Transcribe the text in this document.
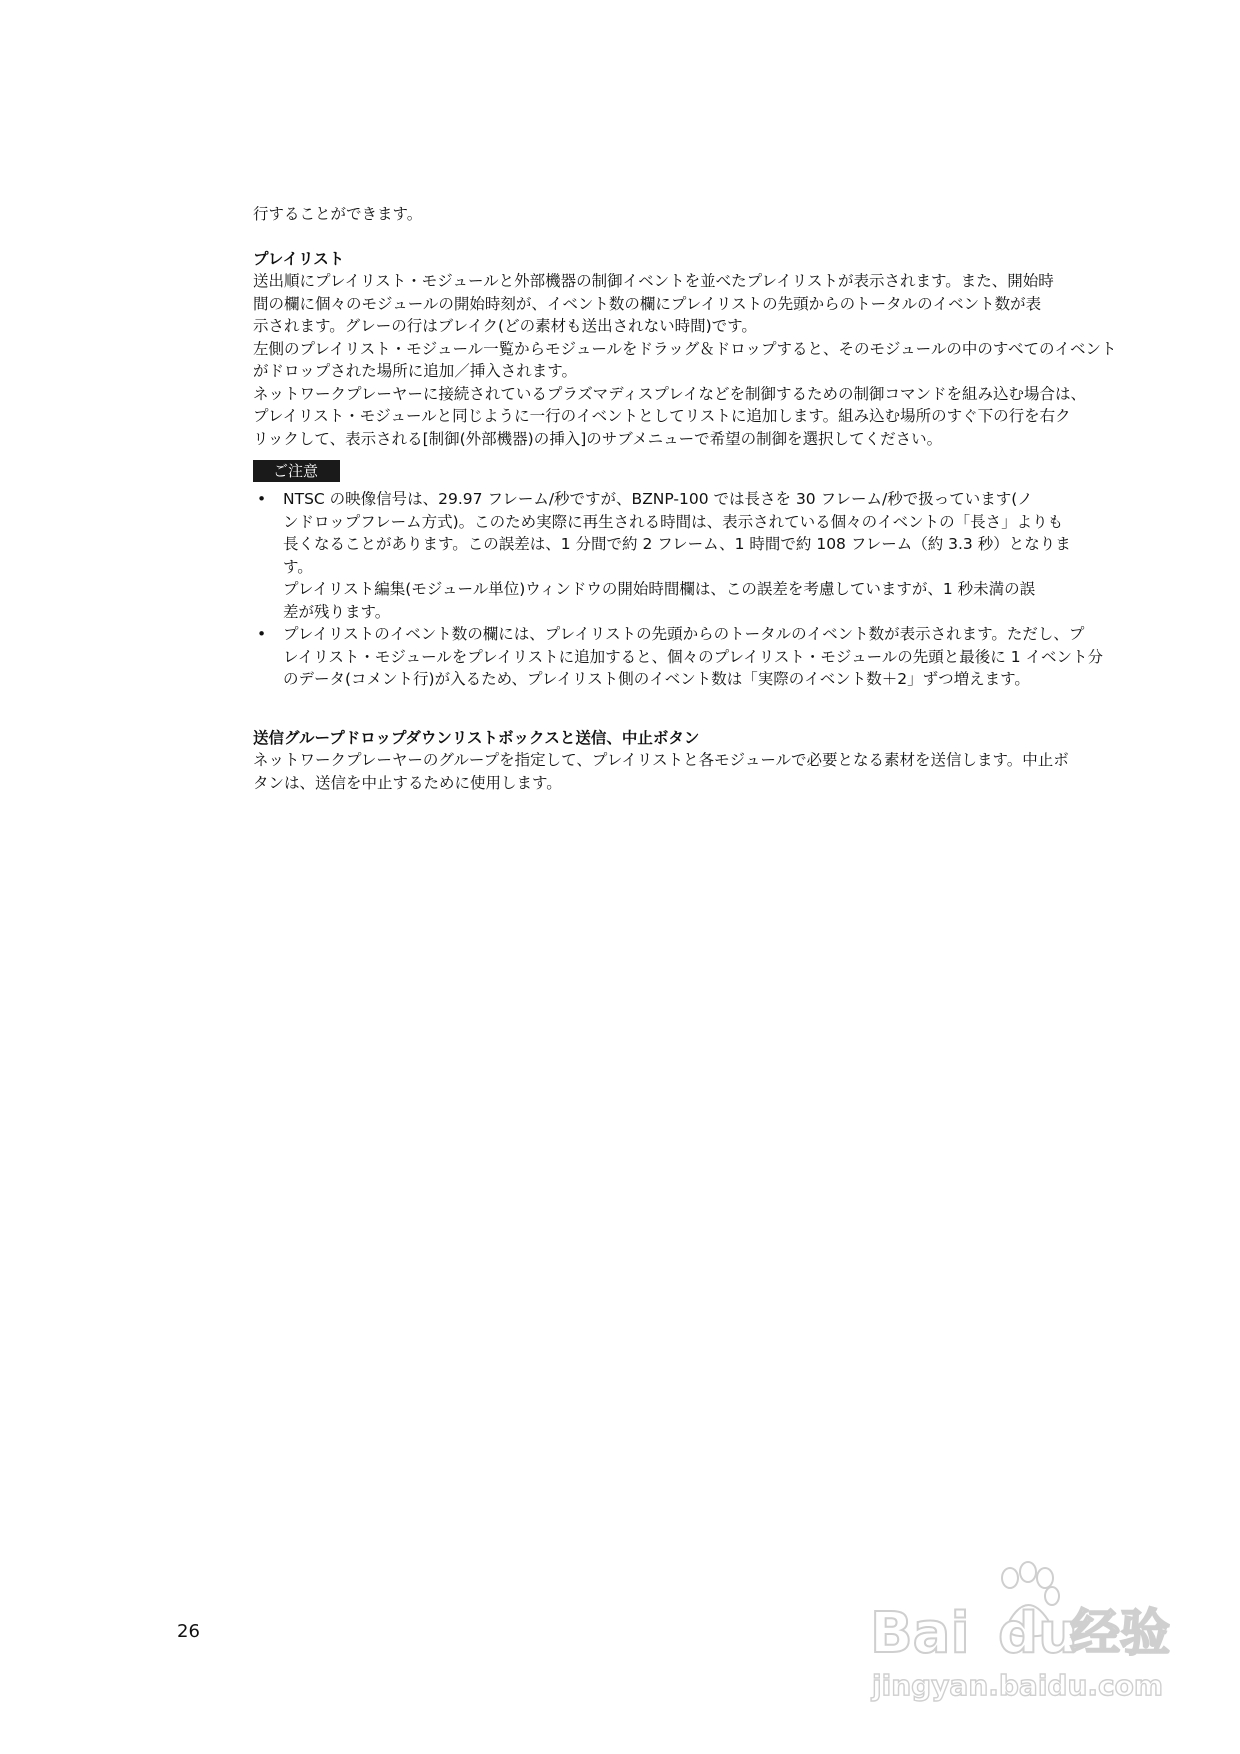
行することができます。

プレイリスト

送出順にプレイリスト・モジュールと外部機器の制御イベントを並べたプレイリストが表示されます。また、開始時

間の欄に個々のモジュールの開始時刻が、イベント数の欄にプレイリストの先頭からのトータルのイベント数が表

示されます。グレーの行はブレイク(どの素材も送出されない時間)です。

左側のプレイリスト・モジュール一覧からモジュールをドラッグ＆ドロップすると、そのモジュールの中のすべてのイベント

がドロップされた場所に追加／挿入されます。

ネットワークプレーヤーに接続されているプラズマディスプレイなどを制御するための制御コマンドを組み込む場合は、

プレイリスト・モジュールと同じように一行のイベントとしてリストに追加します。組み込む場所のすぐ下の行を右ク

リックして、表示される[制御(外部機器)の挿入]のサブメニューで希望の制御を選択してください。

ご注意
• NTSC の映像信号は、29.97 フレーム/秒ですが、BZNP-100 では長さを 30 フレーム/秒で扱っています(ノ
ンドロップフレーム方式)。このため実際に再生される時間は、表示されている個々のイベントの「長さ」よりも
長くなることがあります。この誤差は、1 分間で約 2 フレーム、1 時間で約 108 フレーム（約 3.3 秒）となりま
す。
プレイリスト編集(モジュール単位)ウィンドウの開始時間欄は、この誤差を考慮していますが、1 秒未満の誤
差が残ります。
• プレイリストのイベント数の欄には、プレイリストの先頭からのトータルのイベント数が表示されます。ただし、プ
レイリスト・モジュールをプレイリストに追加すると、個々のプレイリスト・モジュールの先頭と最後に 1 イベント分
のデータ(コメント行)が入るため、プレイリスト側のイベント数は「実際のイベント数＋2」ずつ増えます。

送信グループドロップダウンリストボックスと送信、中止ボタン

ネットワークプレーヤーのグループを指定して、プレイリストと各モジュールで必要となる素材を送信します。中止ボ

タンは、送信を中止するために使用します。

26	Bai du
经验
jingyan.baidu.com
